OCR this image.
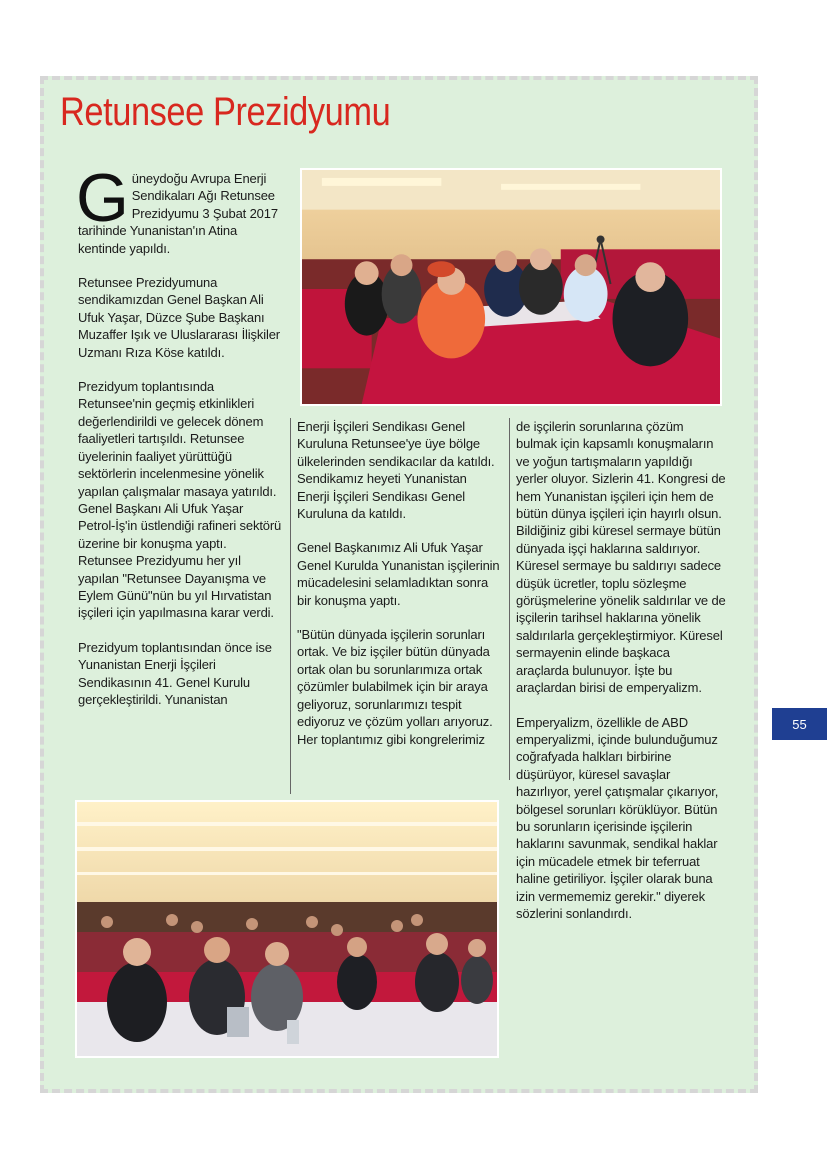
Retunsee Prezidyumu

Güneydoğu Avrupa Enerji Sendikaları Ağı Retunsee Prezidyumu 3 Şubat 2017 tarihinde Yunanistan'ın Atina kentinde yapıldı.

Retunsee Prezidyumuna sendikamızdan Genel Başkan Ali Ufuk Yaşar, Düzce Şube Başkanı Muzaffer Işık ve Uluslararası İlişkiler Uzmanı Rıza Köse katıldı.

Prezidyum toplantısında Retunsee'nin geçmiş etkinlikleri değerlendirildi ve gelecek dönem faaliyetleri tartışıldı. Retunsee üyelerinin faaliyet yürüttüğü sektörlerin incelenmesine yönelik yapılan çalışmalar masaya yatırıldı. Genel Başkanı Ali Ufuk Yaşar Petrol-İş'in üstlendiği rafineri sektörü üzerine bir konuşma yaptı. Retunsee Prezidyumu her yıl yapılan "Retunsee Dayanışma ve Eylem Günü"nün bu yıl Hırvatistan işçileri için yapılmasına karar verdi.

Prezidyum toplantısından önce ise Yunanistan Enerji İşçileri Sendikasının 41. Genel Kurulu gerçekleştirildi. Yunanistan

Enerji İşçileri Sendikası Genel Kuruluna Retunsee'ye üye bölge ülkelerinden sendikacılar da katıldı. Sendikamız heyeti Yunanistan Enerji İşçileri Sendikası Genel Kuruluna da katıldı.

Genel Başkanımız Ali Ufuk Yaşar Genel Kurulda Yunanistan işçilerinin mücadelesini selamladıktan sonra bir konuşma yaptı.

"Bütün dünyada işçilerin sorunları ortak. Ve biz işçiler bütün dünyada ortak olan bu sorunlarımıza ortak çözümler bulabilmek için bir araya geliyoruz, sorunlarımızı tespit ediyoruz ve çözüm yolları arıyoruz. Her toplantımız gibi kongrelerimiz

de işçilerin sorunlarına çözüm bulmak için kapsamlı konuşmaların ve yoğun tartışmaların yapıldığı yerler oluyor. Sizlerin 41. Kongresi de hem Yunanistan işçileri için hem de bütün dünya işçileri için hayırlı olsun. Bildiğiniz gibi küresel sermaye bütün dünyada işçi haklarına saldırıyor. Küresel sermaye bu saldırıyı sadece düşük ücretler, toplu sözleşme görüşmelerine yönelik saldırılar ve de işçilerin tarihsel haklarına yönelik saldırılarla gerçekleştirmiyor. Küresel sermayenin elinde başkaca araçlarda bulunuyor. İşte bu araçlardan birisi de emperyalizm.

Emperyalizm, özellikle de ABD emperyalizmi, içinde bulunduğumuz coğrafyada halkları birbirine düşürüyor, küresel savaşlar hazırlıyor, yerel çatışmalar çıkarıyor, bölgesel sorunları körüklüyor. Bütün bu sorunların içerisinde işçilerin haklarını savunmak, sendikal haklar için mücadele etmek bir teferruat haline getiriliyor. İşçiler olarak buna izin vermememiz gerekir." diyerek sözlerini sonlandırdı.

55
